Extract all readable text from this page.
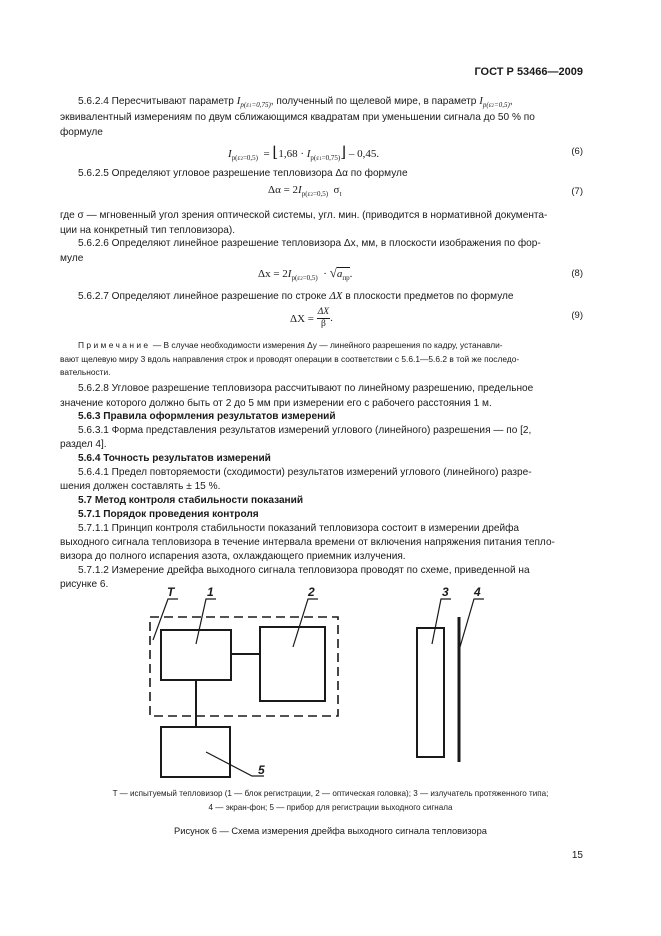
ГОСТ Р 53466—2009
5.6.2.4 Пересчитывают параметр $I_{p(\varepsilon 1=0,75)}$, полученный по щелевой мире, в параметр $I_{p(\varepsilon 2=0,5)}$,
эквивалентный измерениям по двум сближающимся квадратам при уменьшении сигнала до 50 % по
формуле
$I_{p(\varepsilon 2=0,5)}$  = ⌊1,68 · $I_{p(\varepsilon 1=0,75)}⌋ - 0,45$.	(6)
5.6.2.5 Определяют угловое разрешение тепловизора Δα по формуле
$\Delta\alpha = 2I_{p(\varepsilon 2=0,5)}$ $\sigma_t$	(7)
где σ — мгновенный угол зрения оптической системы, угл. мин. (приводится в нормативной документа-
ции на конкретный тип тепловизора).
5.6.2.6 Определяют линейное разрешение тепловизора Δx, мм, в плоскости изображения по фор-
муле
$\Delta x = 2I_{p(\varepsilon 2=0,5)} \cdot √a_{пр}$.	(8)
5.6.2.7 Определяют линейное разрешение по строке ΔX в плоскости предметов по формуле
$\Delta X = \frac{\Delta X}{\beta}$ .	(9)
Примечание — В случае необходимости измерения Δy — линейного разрешения по кадру, устанавли-
вают щелевую миру 3 вдоль направления строк и проводят операции в соответствии с 5.6.1—5.6.2 в той же последо-
вательности.
5.6.2.8 Угловое разрешение тепловизора рассчитывают по линейному разрешению, предельное
значение которого должно быть от 2 до 5 мм при измерении его с рабочего расстояния 1 м.
5.6.3 Правила оформления результатов измерений
5.6.3.1 Форма представления результатов измерений углового (линейного) разрешения — по [2,
раздел 4].
5.6.4 Точность результатов измерений
5.6.4.1 Предел повторяемости (сходимости) результатов измерений углового (линейного) разре-
шения должен составлять ± 15 %.
5.7 Метод контроля стабильности показаний
5.7.1 Порядок проведения контроля
5.7.1.1 Принцип контроля стабильности показаний тепловизора состоит в измерении дрейфа
выходного сигнала тепловизора в течение интервала времени от включения напряжения питания тепло-
визора до полного испарения азота, охлаждающего приемник излучения.
5.7.1.2 Измерение дрейфа выходного сигнала тепловизора проводят по схеме, приведенной на
рисунке 6.
T	1	2	3 4
5
T — испытуемый тепловизор (1 — блок регистрации, 2 — оптическая головка); 3 — излучатель протяженного типа;
4 — экран-фон; 5 — прибор для регистрации выходного сигнала
Рисунок 6 — Схема измерения дрейфа выходного сигнала тепловизора
15
